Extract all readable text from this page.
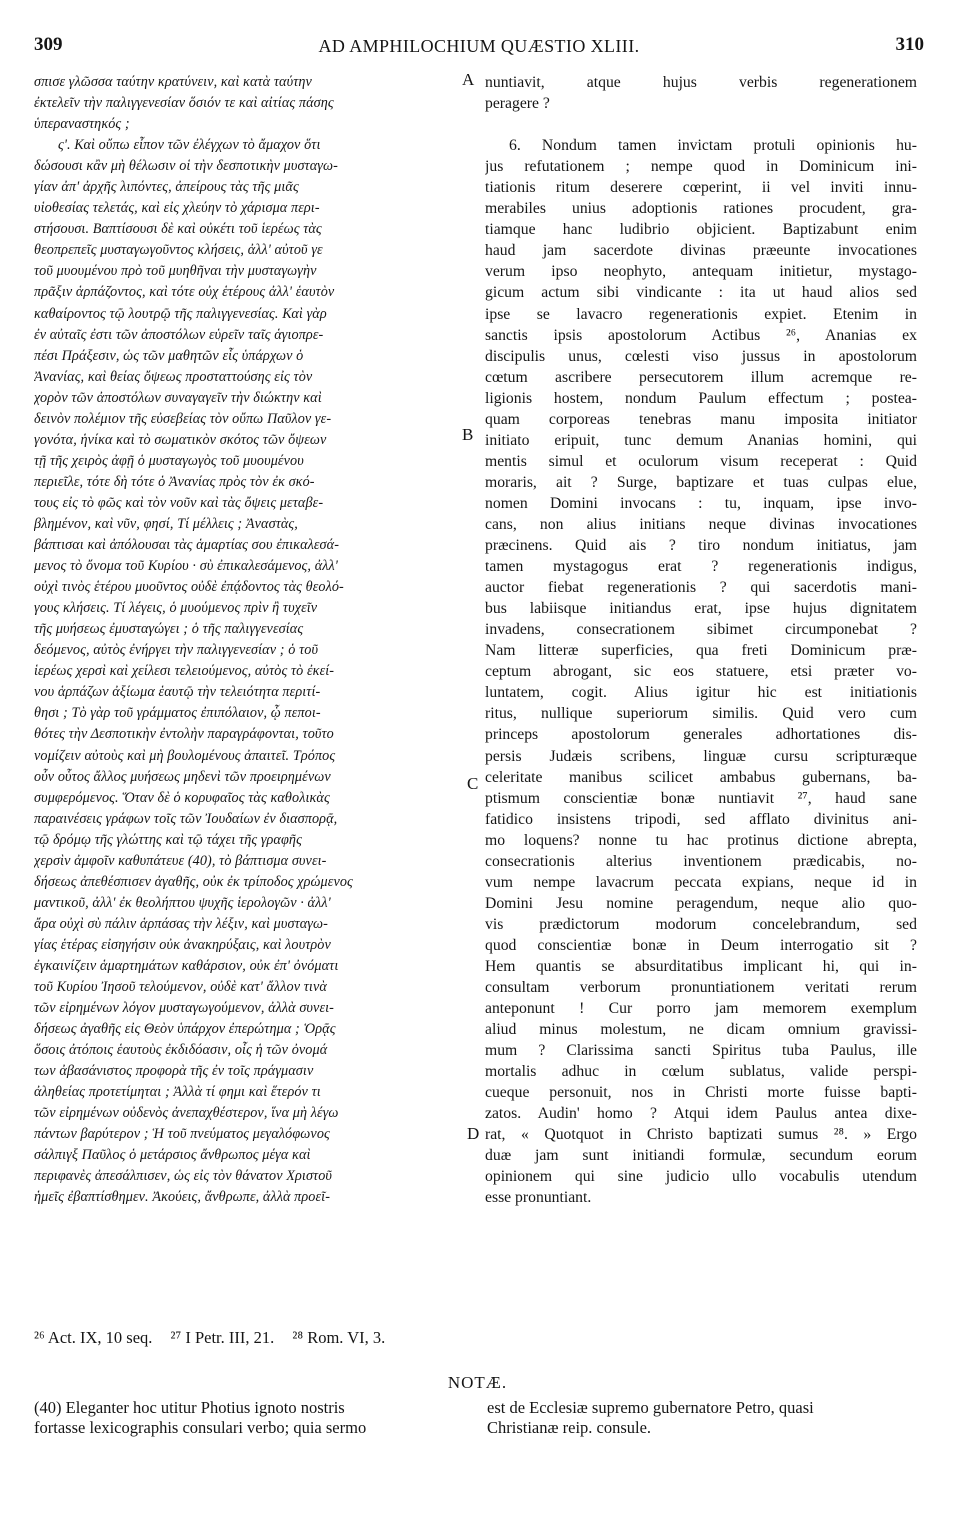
309	AD AMPHILOCHIUM QUÆSTIO XLIII.	310
A
B
C
D
σπισε γλῶσσα ταύτην κρατύνειν, καὶ κατὰ ταύτην
ἐκτελεῖν τὴν παλιγγενεσίαν ὅσιόν τε καὶ αἰτίας πάσης
ὑπεραναστηκός ;
ς'. Καὶ οὔπω εἶπον τῶν ἐλέγχων τὸ ἄμαχον ὅτι
δώσουσι κἂν μὴ θέλωσιν οἱ τὴν δεσποτικὴν μυσταγω-
γίαν ἀπ' ἀρχῆς λιπόντες, ἀπείρους τὰς τῆς μιᾶς
υἱοθεσίας τελετάς, καὶ εἰς χλεύην τὸ χάρισμα περι-
στήσουσι. Βαπτίσουσι δὲ καὶ οὐκέτι τοῦ ἱερέως τὰς
θεοπρεπεῖς μυσταγωγοῦντος κλήσεις, ἀλλ' αὐτοῦ γε
τοῦ μυουμένου πρὸ τοῦ μυηθῆναι τὴν μυσταγωγὴν
πρᾶξιν ἁρπάζοντος, καὶ τότε οὐχ ἑτέρους ἀλλ' ἑαυτὸν
καθαίροντος τῷ λουτρῷ τῆς παλιγγενεσίας. Καὶ γὰρ
ἐν αὐταῖς ἐστι τῶν ἀποστόλων εὑρεῖν ταῖς ἁγιοπρε-
πέσι Πράξεσιν, ὡς τῶν μαθητῶν εἷς ὑπάρχων ὁ
Ἀνανίας, καὶ θείας ὄψεως προσταττούσης εἰς τὸν
χορὸν τῶν ἀποστόλων συναγαγεῖν τὴν διώκτην καὶ
δεινὸν πολέμιον τῆς εὐσεβείας τὸν οὔπω Παῦλον γε-
γονότα, ἡνίκα καὶ τὸ σωματικὸν σκότος τῶν ὄψεων
τῇ τῆς χειρὸς ἀφῇ ὁ μυσταγωγὸς τοῦ μυουμένου
περιεῖλε, τότε δὴ τότε ὁ Ἀνανίας πρὸς τὸν ἐκ σκό-
τους εἰς τὸ φῶς καὶ τὸν νοῦν καὶ τὰς ὄψεις μεταβε-
βλημένον, καὶ νῦν, φησί, Τί μέλλεις ; Ἀναστὰς,
βάπτισαι καὶ ἀπόλουσαι τὰς ἁμαρτίας σου ἐπικαλεσά-
μενος τὸ ὄνομα τοῦ Κυρίου · σὺ ἐπικαλεσάμενος, ἀλλ'
οὐχὶ τινὸς ἑτέρου μυοῦντος οὐδὲ ἐπᾴδοντος τὰς θεολό-
γους κλήσεις. Τί λέγεις, ὁ μυούμενος πρὶν ἢ τυχεῖν
τῆς μυήσεως ἐμυσταγώγει ; ὁ τῆς παλιγγενεσίας
δεόμενος, αὐτὸς ἐνήργει τὴν παλιγγενεσίαν ; ὁ τοῦ
ἱερέως χερσὶ καὶ χείλεσι τελειούμενος, αὐτὸς τὸ ἐκεί-
νου ἁρπάζων ἀξίωμα ἑαυτῷ τὴν τελειότητα περιτί-
θησι ; Τὸ γὰρ τοῦ γράμματος ἐπιπόλαιον, ᾧ πεποι-
θότες τὴν Δεσποτικὴν ἐντολὴν παραγράφονται, τοῦτο
νομίζειν αὐτοὺς καὶ μὴ βουλομένους ἀπαιτεῖ. Τρόπος
οὖν οὗτος ἄλλος μυήσεως μηδενὶ τῶν προειρημένων
συμφερόμενος. Ὅταν δὲ ὁ κορυφαῖος τὰς καθολικὰς
παραινέσεις γράφων τοῖς τῶν Ἰουδαίων ἐν διασπορᾷ,
τῷ δρόμῳ τῆς γλώττης καὶ τῷ τάχει τῆς γραφῆς
χερσὶν ἀμφοῖν καθυπάτευε (40), τὸ βάπτισμα συνει-
δήσεως ἀπεθέσπισεν ἀγαθῆς, οὐκ ἐκ τρίποδος χρώμενος
μαντικοῦ, ἀλλ' ἐκ θεολήπτου ψυχῆς ἱερολογῶν · ἀλλ'
ἄρα οὐχὶ σὺ πάλιν ἁρπάσας τὴν λέξιν, καὶ μυσταγω-
γίας ἑτέρας εἰσηγήσιν οὐκ ἀνακηρύξαις, καὶ λουτρὸν
ἐγκαινίζειν ἁμαρτημάτων καθάρσιον, οὐκ ἐπ' ὀνόματι
τοῦ Κυρίου Ἰησοῦ τελούμενον, οὐδὲ κατ' ἄλλον τινὰ
τῶν εἰρημένων λόγον μυσταγωγούμενον, ἀλλὰ συνει-
δήσεως ἀγαθῆς εἰς Θεὸν ὑπάρχον ἐπερώτημα ; Ὁρᾷς
ὅσοις ἀτόποις ἑαυτοὺς ἐκδιδόασιν, οἷς ἡ τῶν ὀνομά
των ἀβασάνιστος προφορὰ τῆς ἐν τοῖς πράγμασιν
ἀληθείας προτετίμηται ; Ἀλλὰ τί φημι καὶ ἕτερόν τι
τῶν εἰρημένων οὐδενὸς ἀνεπαχθέστερον, ἵνα μὴ λέγω
πάντων βαρύτερον ; Ἡ τοῦ πνεύματος μεγαλόφωνος
σάλπιγξ Παῦλος ὁ μετάρσιος ἄνθρωπος μέγα καὶ
περιφανὲς ἀπεσάλπισεν, ὡς εἰς τὸν θάνατον Χριστοῦ
ἡμεῖς ἐβαπτίσθημεν. Ἀκούεις, ἄνθρωπε, ἀλλὰ προεῖ-
nuntiavit, atque hujus verbis regenerationem
peragere ?

6. Nondum tamen invictam protuli opinionis hu-
jus refutationem ; nempe quod in Dominicum ini-
tiationis ritum deserere cœperint, ii vel inviti innu-
merabiles unius adoptionis rationes procudent, gra-
tiamque hanc ludibrio objicient. Baptizabunt enim
haud jam sacerdote divinas præeunte invocationes
verum ipso neophyto, antequam initietur, mystago-
gicum actum sibi vindicante : ita ut haud alios sed
ipse se lavacro regenerationis expiet. Etenim in
sanctis ipsis apostolorum Actibus ²⁶, Ananias ex
discipulis unus, cœlesti viso jussus in apostolorum
cœtum ascribere persecutorem illum acremque re-
ligionis hostem, nondum Paulum effectum ; postea-
quam corporeas tenebras manu imposita initiator
initiato eripuit, tunc demum Ananias homini, qui
mentis simul et oculorum visum receperat : Quid
moraris, ait ? Surge, baptizare et tuas culpas elue,
nomen Domini invocans : tu, inquam, ipse invo-
cans, non alius initians neque divinas invocationes
præcinens. Quid ais ? tiro nondum initiatus, jam
tamen mystagogus erat ? regenerationis indigus,
auctor fiebat regenerationis ? qui sacerdotis mani-
bus labiisque initiandus erat, ipse hujus dignitatem
invadens, consecrationem sibimet circumponebat ?
Nam litteræ superficies, qua freti Dominicum præ-
ceptum abrogant, sic eos statuere, etsi præter vo-
luntatem, cogit. Alius igitur hic est initiationis
ritus, nullique superiorum similis. Quid vero cum
princeps apostolorum generales adhortationes dis-
persis Judæis scribens, linguæ cursu scripturæque
celeritate manibus scilicet ambabus gubernans, ba-
ptismum conscientiæ bonæ nuntiavit ²⁷, haud sane
fatidico insistens tripodi, sed afflato divinitus ani-
mo loquens? nonne tu hac protinus dictione abrepta,
consecrationis alterius inventionem prædicabis, no-
vum nempe lavacrum peccata expians, neque id in
Domini Jesu nomine peragendum, neque alio quo-
vis prædictorum modorum concelebrandum, sed
quod conscientiæ bonæ in Deum interrogatio sit ?
Hem quantis se absurditatibus implicant hi, qui in-
consultam verborum pronuntiationem veritati rerum
anteponunt ! Cur porro jam memorem exemplum
aliud minus molestum, ne dicam omnium gravissi-
mum ? Clarissima sancti Spiritus tuba Paulus, ille
mortalis adhuc in cœlum sublatus, valide perspi-
cueque personuit, nos in Christi morte fuisse bapti-
zatos. Audin' homo ? Atqui idem Paulus antea dixe-
rat, « Quotquot in Christo baptizati sumus ²⁸. » Ergo
duæ jam sunt initiandi formulæ, secundum eorum
opinionem qui sine judicio ullo vocabulis utendum
esse pronuntiant.
²⁶ Act. IX, 10 seq. ²⁷ I Petr. III, 21. ²⁸ Rom. VI, 3.
NOTÆ.
(40) Eleganter hoc utitur Photius ignoto nostris
fortasse lexicographis consulari verbo; quia sermo
est de Ecclesiæ supremo gubernatore Petro, quasi
Christianæ reip. consule.
